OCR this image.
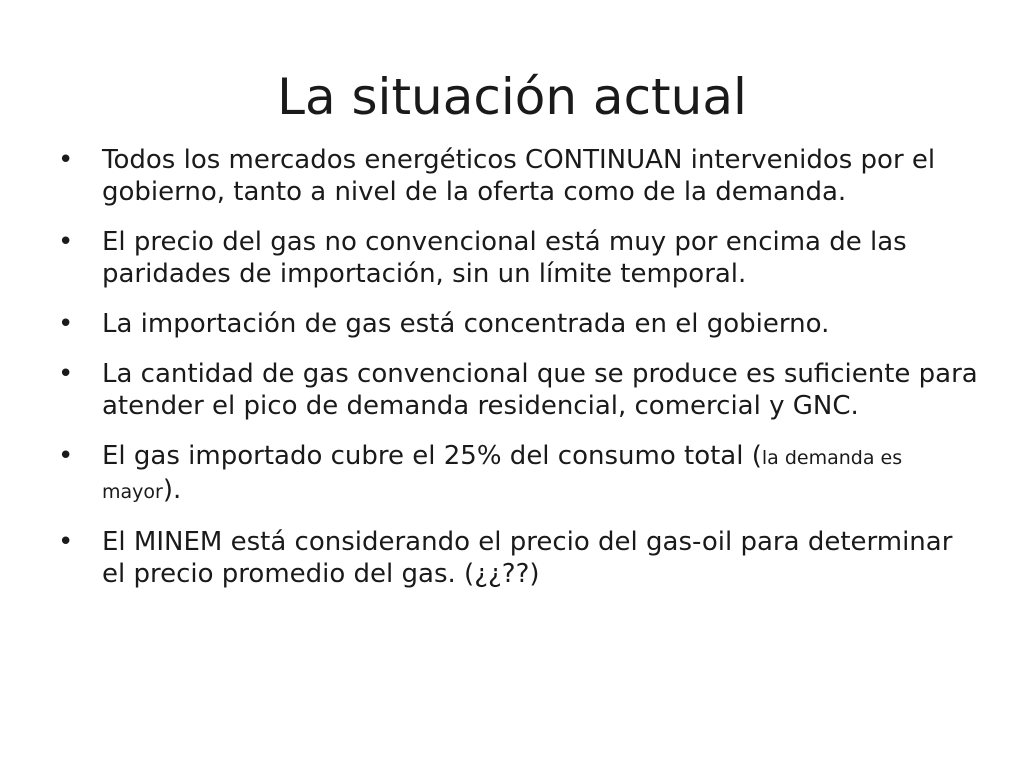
La situación actual
• Todos los mercados energéticos CONTINUAN intervenidos por el gobierno, tanto a nivel de la oferta como de la demanda.
• El precio del gas no convencional está muy por encima de las paridades de importación, sin un límite temporal.
• La importación de gas está concentrada en el gobierno.
• La cantidad de gas convencional que se produce es suficiente para atender el pico de demanda residencial, comercial y GNC.
• El gas importado cubre el 25% del consumo total (la demanda es mayor).
• El MINEM está considerando el precio del gas-oil para determinar el precio promedio del gas. (¿¿??)
